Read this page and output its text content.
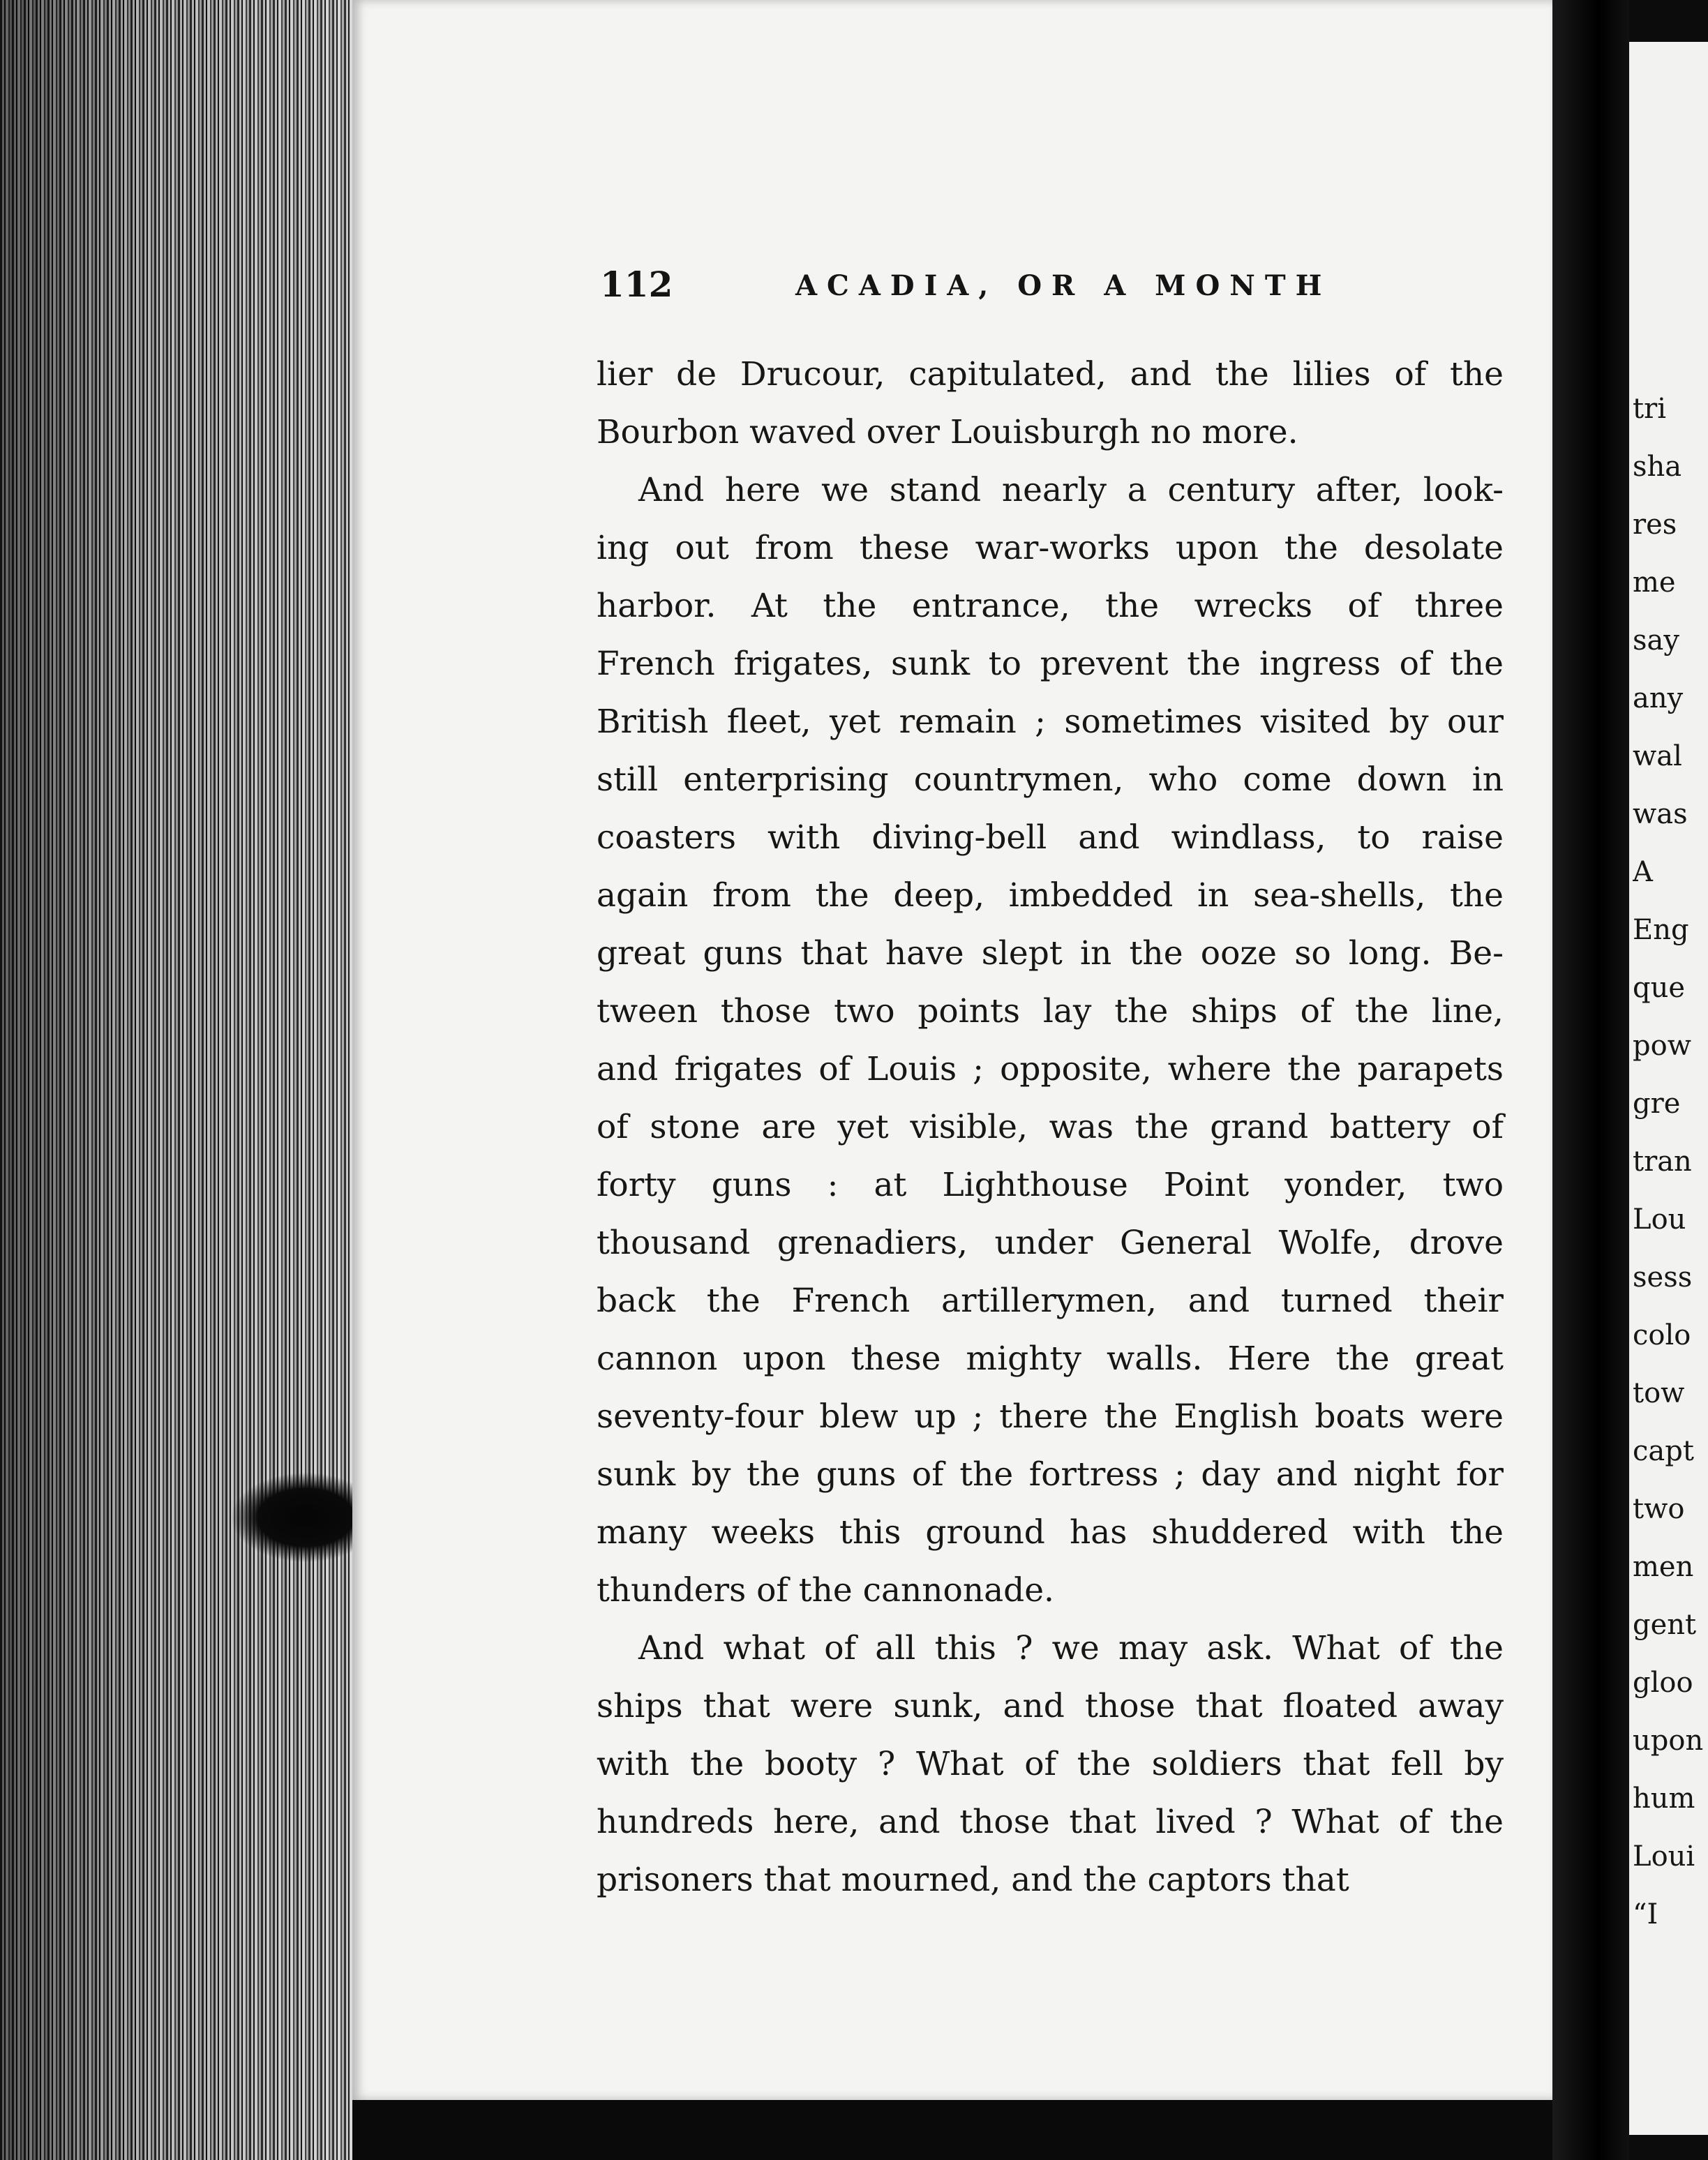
tri
sha
res
me
say
any
wal
was
A
Eng
que
pow
gre
tran
Lou
sess
colo
tow
capt
two
men
gent
gloo
upon
hum
Loui
“I
112	ACADIA, OR A MONTH
lier de Drucour, capitulated, and the lilies of the
Bourbon waved over Louisburgh no more.
And here we stand nearly a century after, look-
ing out from these war-works upon the desolate
harbor. At the entrance, the wrecks of three
French frigates, sunk to prevent the ingress of the
British fleet, yet remain ; sometimes visited by our
still enterprising countrymen, who come down in
coasters with diving-bell and windlass, to raise
again from the deep, imbedded in sea-shells, the
great guns that have slept in the ooze so long. Be-
tween those two points lay the ships of the line,
and frigates of Louis ; opposite, where the parapets
of stone are yet visible, was the grand battery of
forty guns : at Lighthouse Point yonder, two
thousand grenadiers, under General Wolfe, drove
back the French artillerymen, and turned their
cannon upon these mighty walls. Here the great
seventy-four blew up ; there the English boats were
sunk by the guns of the fortress ; day and night for
many weeks this ground has shuddered with the
thunders of the cannonade.
And what of all this ? we may ask. What of the
ships that were sunk, and those that floated away
with the booty ? What of the soldiers that fell by
hundreds here, and those that lived ? What of the
prisoners that mourned, and the captors that
